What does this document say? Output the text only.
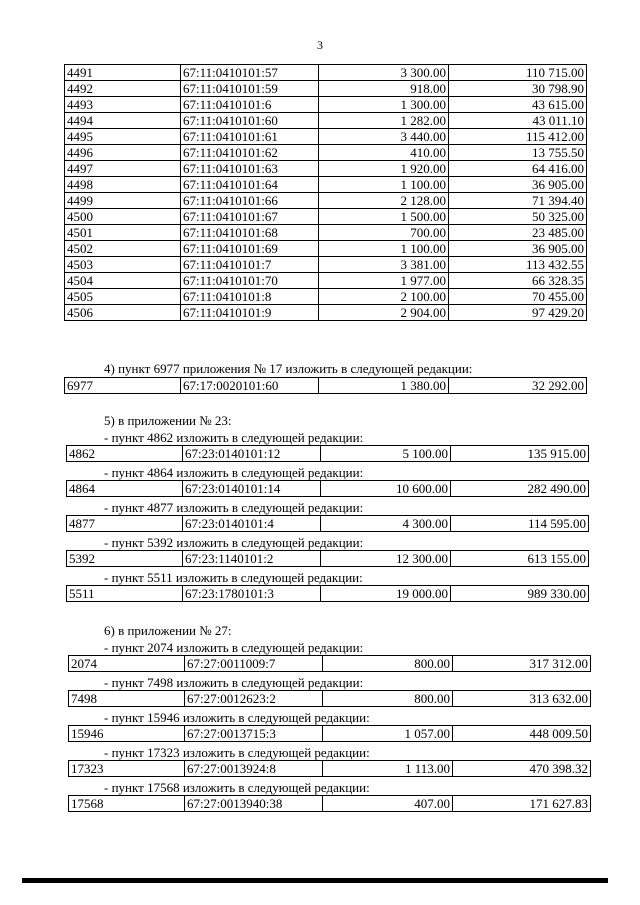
3
4491	67:11:0410101:57	3 300.00	110 715.00
4492	67:11:0410101:59	918.00	30 798.90
4493	67:11:0410101:6	1 300.00	43 615.00
4494	67:11:0410101:60	1 282.00	43 011.10
4495	67:11:0410101:61	3 440.00	115 412.00
4496	67:11:0410101:62	410.00	13 755.50
4497	67:11:0410101:63	1 920.00	64 416.00
4498	67:11:0410101:64	1 100.00	36 905.00
4499	67:11:0410101:66	2 128.00	71 394.40
4500	67:11:0410101:67	1 500.00	50 325.00
4501	67:11:0410101:68	700.00	23 485.00
4502	67:11:0410101:69	1 100.00	36 905.00
4503	67:11:0410101:7	3 381.00	113 432.55
4504	67:11:0410101:70	1 977.00	66 328.35
4505	67:11:0410101:8	2 100.00	70 455.00
4506	67:11:0410101:9	2 904.00	97 429.20
4) пункт 6977 приложения № 17 изложить в следующей редакции:
6977	67:17:0020101:60	1 380.00	32 292.00
5) в приложении № 23:
- пункт 4862 изложить в следующей редакции:
4862	67:23:0140101:12	5 100.00	135 915.00
- пункт 4864 изложить в следующей редакции:
4864	67:23:0140101:14	10 600.00	282 490.00
- пункт 4877 изложить в следующей редакции:
4877	67:23:0140101:4	4 300.00	114 595.00
- пункт 5392 изложить в следующей редакции:
5392	67:23:1140101:2	12 300.00	613 155.00
- пункт 5511 изложить в следующей редакции:
5511	67:23:1780101:3	19 000.00	989 330.00
6) в приложении № 27:
- пункт 2074 изложить в следующей редакции:
2074	67:27:0011009:7	800.00	317 312.00
- пункт 7498 изложить в следующей редакции:
7498	67:27:0012623:2	800.00	313 632.00
- пункт 15946 изложить в следующей редакции:
15946	67:27:0013715:3	1 057.00	448 009.50
- пункт 17323 изложить в следующей редакции:
17323	67:27:0013924:8	1 113.00	470 398.32
- пункт 17568 изложить в следующей редакции:
17568	67:27:0013940:38	407.00	171 627.83
